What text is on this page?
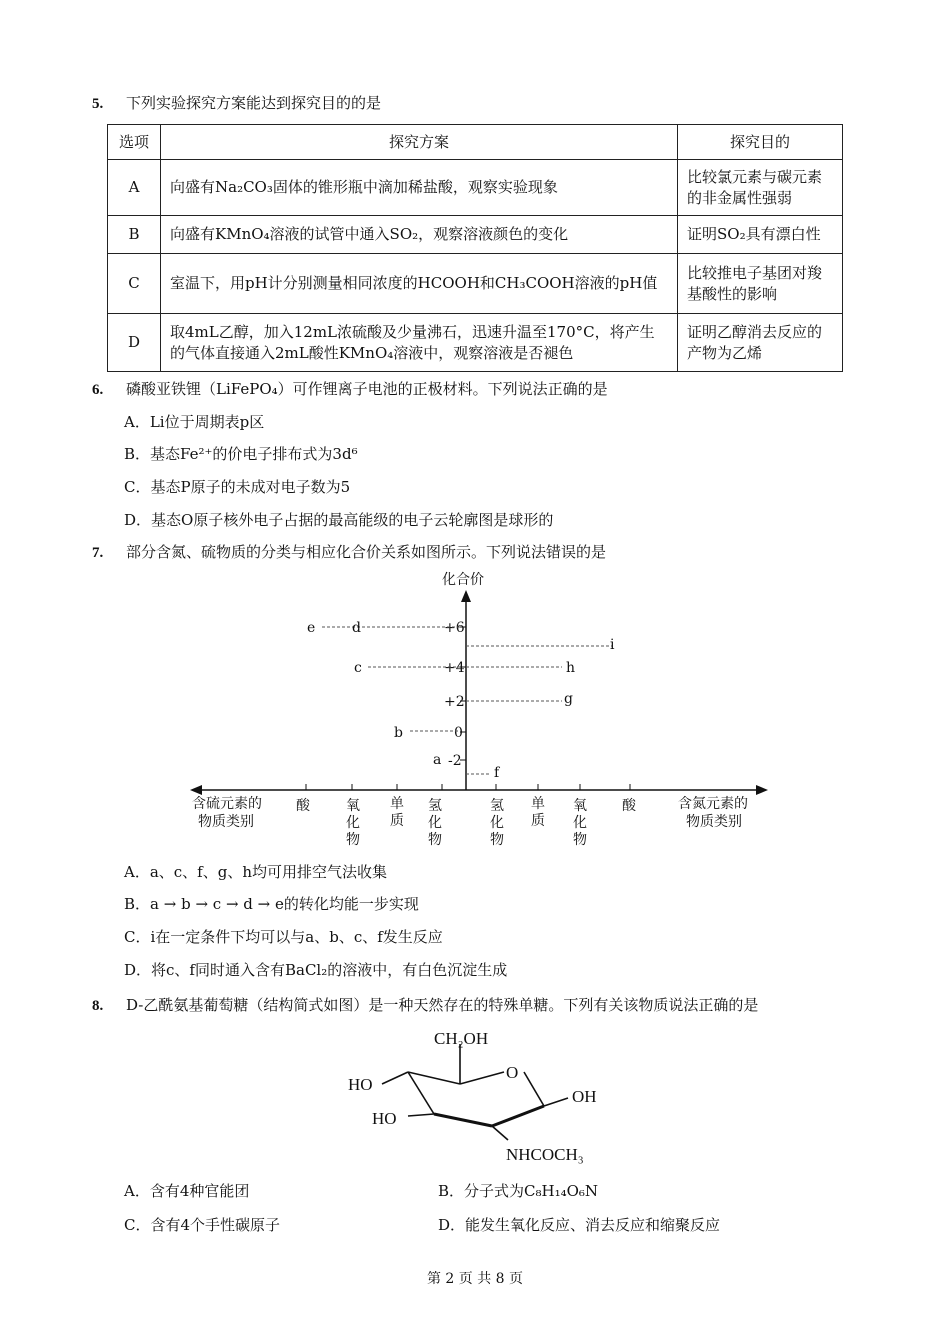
5. 下列实验探究方案能达到探究目的的是
选项	探究方案	探究目的
A	向盛有Na₂CO₃固体的锥形瓶中滴加稀盐酸，观察实验现象	比较氯元素与碳元素的非金属性强弱
B	向盛有KMnO₄溶液的试管中通入SO₂，观察溶液颜色的变化	证明SO₂具有漂白性
C	室温下，用pH计分别测量相同浓度的HCOOH和CH₃COOH溶液的pH值	比较推电子基团对羧基酸性的影响
D	取4mL乙醇，加入12mL浓硫酸及少量沸石，迅速升温至170°C，将产生的气体直接通入2mL酸性KMnO₄溶液中，观察溶液是否褪色	证明乙醇消去反应的产物为乙烯
6. 磷酸亚铁锂（LiFePO₄）可作锂离子电池的正极材料。下列说法正确的是
A．Li位于周期表p区
B．基态Fe²⁺的价电子排布式为3d⁶
C．基态P原子的未成对电子数为5
D．基态O原子核外电子占据的最高能级的电子云轮廓图是球形的
7. 部分含氮、硫物质的分类与相应化合价关系如图所示。下列说法错误的是
化合价
+6
+4
+2
0
-2
含硫元素的
物质类别
含氮元素的
物质类别
酸	氧
化
物
单
质
氢
化
物
氢
化
物
单
质
氧
化
物
酸
e	d
c
b
a
f
g
h
i
A．a、c、f、g、h均可用排空气法收集
B．a → b → c → d → e的转化均能一步实现
C．i在一定条件下均可以与a、b、c、f发生反应
D．将c、f同时通入含有BaCl₂的溶液中，有白色沉淀生成
8. D-乙酰氨基葡萄糖（结构简式如图）是一种天然存在的特殊单糖。下列有关该物质说法正确的是
CH₂OH
O
HO
OH
HO
NHCOCH₃
A．含有4种官能团	B．分子式为C₈H₁₄O₆N
C．含有4个手性碳原子	D．能发生氧化反应、消去反应和缩聚反应
第 2 页 共 8 页
